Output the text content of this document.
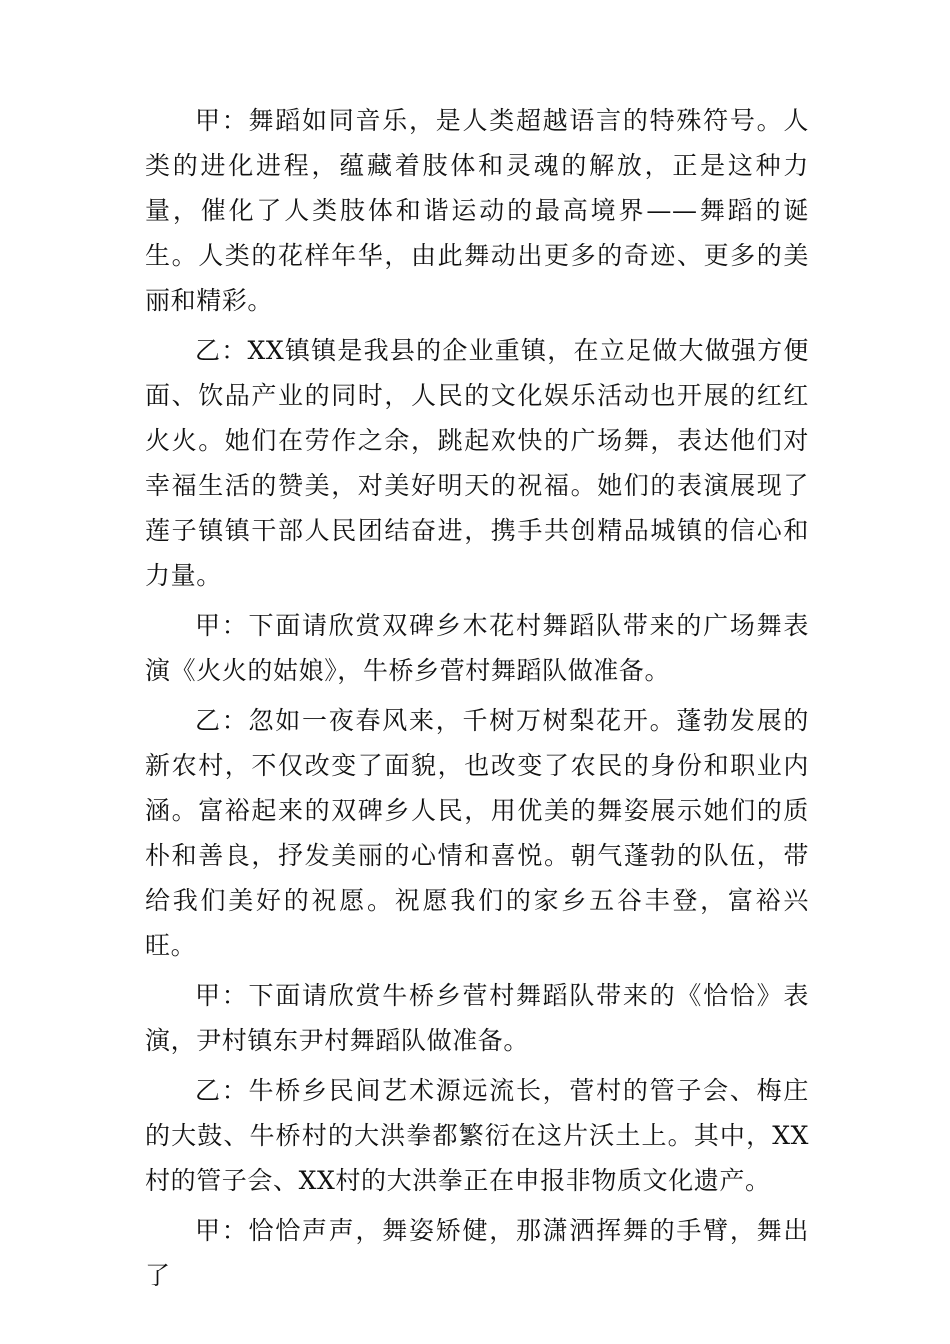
甲：舞蹈如同音乐，是人类超越语言的特殊符号。人类的进化进程，蕴藏着肢体和灵魂的解放，正是这种力量，催化了人类肢体和谐运动的最高境界——舞蹈的诞生。人类的花样年华，由此舞动出更多的奇迹、更多的美丽和精彩。

乙：XX镇镇是我县的企业重镇，在立足做大做强方便面、饮品产业的同时，人民的文化娱乐活动也开展的红红火火。她们在劳作之余，跳起欢快的广场舞，表达他们对幸福生活的赞美，对美好明天的祝福。她们的表演展现了莲子镇镇干部人民团结奋进，携手共创精品城镇的信心和力量。

甲：下面请欣赏双碑乡木花村舞蹈队带来的广场舞表演《火火的姑娘》，牛桥乡菅村舞蹈队做准备。

乙：忽如一夜春风来，千树万树梨花开。蓬勃发展的新农村，不仅改变了面貌，也改变了农民的身份和职业内涵。富裕起来的双碑乡人民，用优美的舞姿展示她们的质朴和善良，抒发美丽的心情和喜悦。朝气蓬勃的队伍，带给我们美好的祝愿。祝愿我们的家乡五谷丰登，富裕兴旺。

甲：下面请欣赏牛桥乡菅村舞蹈队带来的《恰恰》表演，尹村镇东尹村舞蹈队做准备。

乙：牛桥乡民间艺术源远流长，菅村的管子会、梅庄的大鼓、牛桥村的大洪拳都繁衍在这片沃土上。其中，XX村的管子会、XX村的大洪拳正在申报非物质文化遗产。

甲：恰恰声声，舞姿矫健，那潇洒挥舞的手臂，舞出了
